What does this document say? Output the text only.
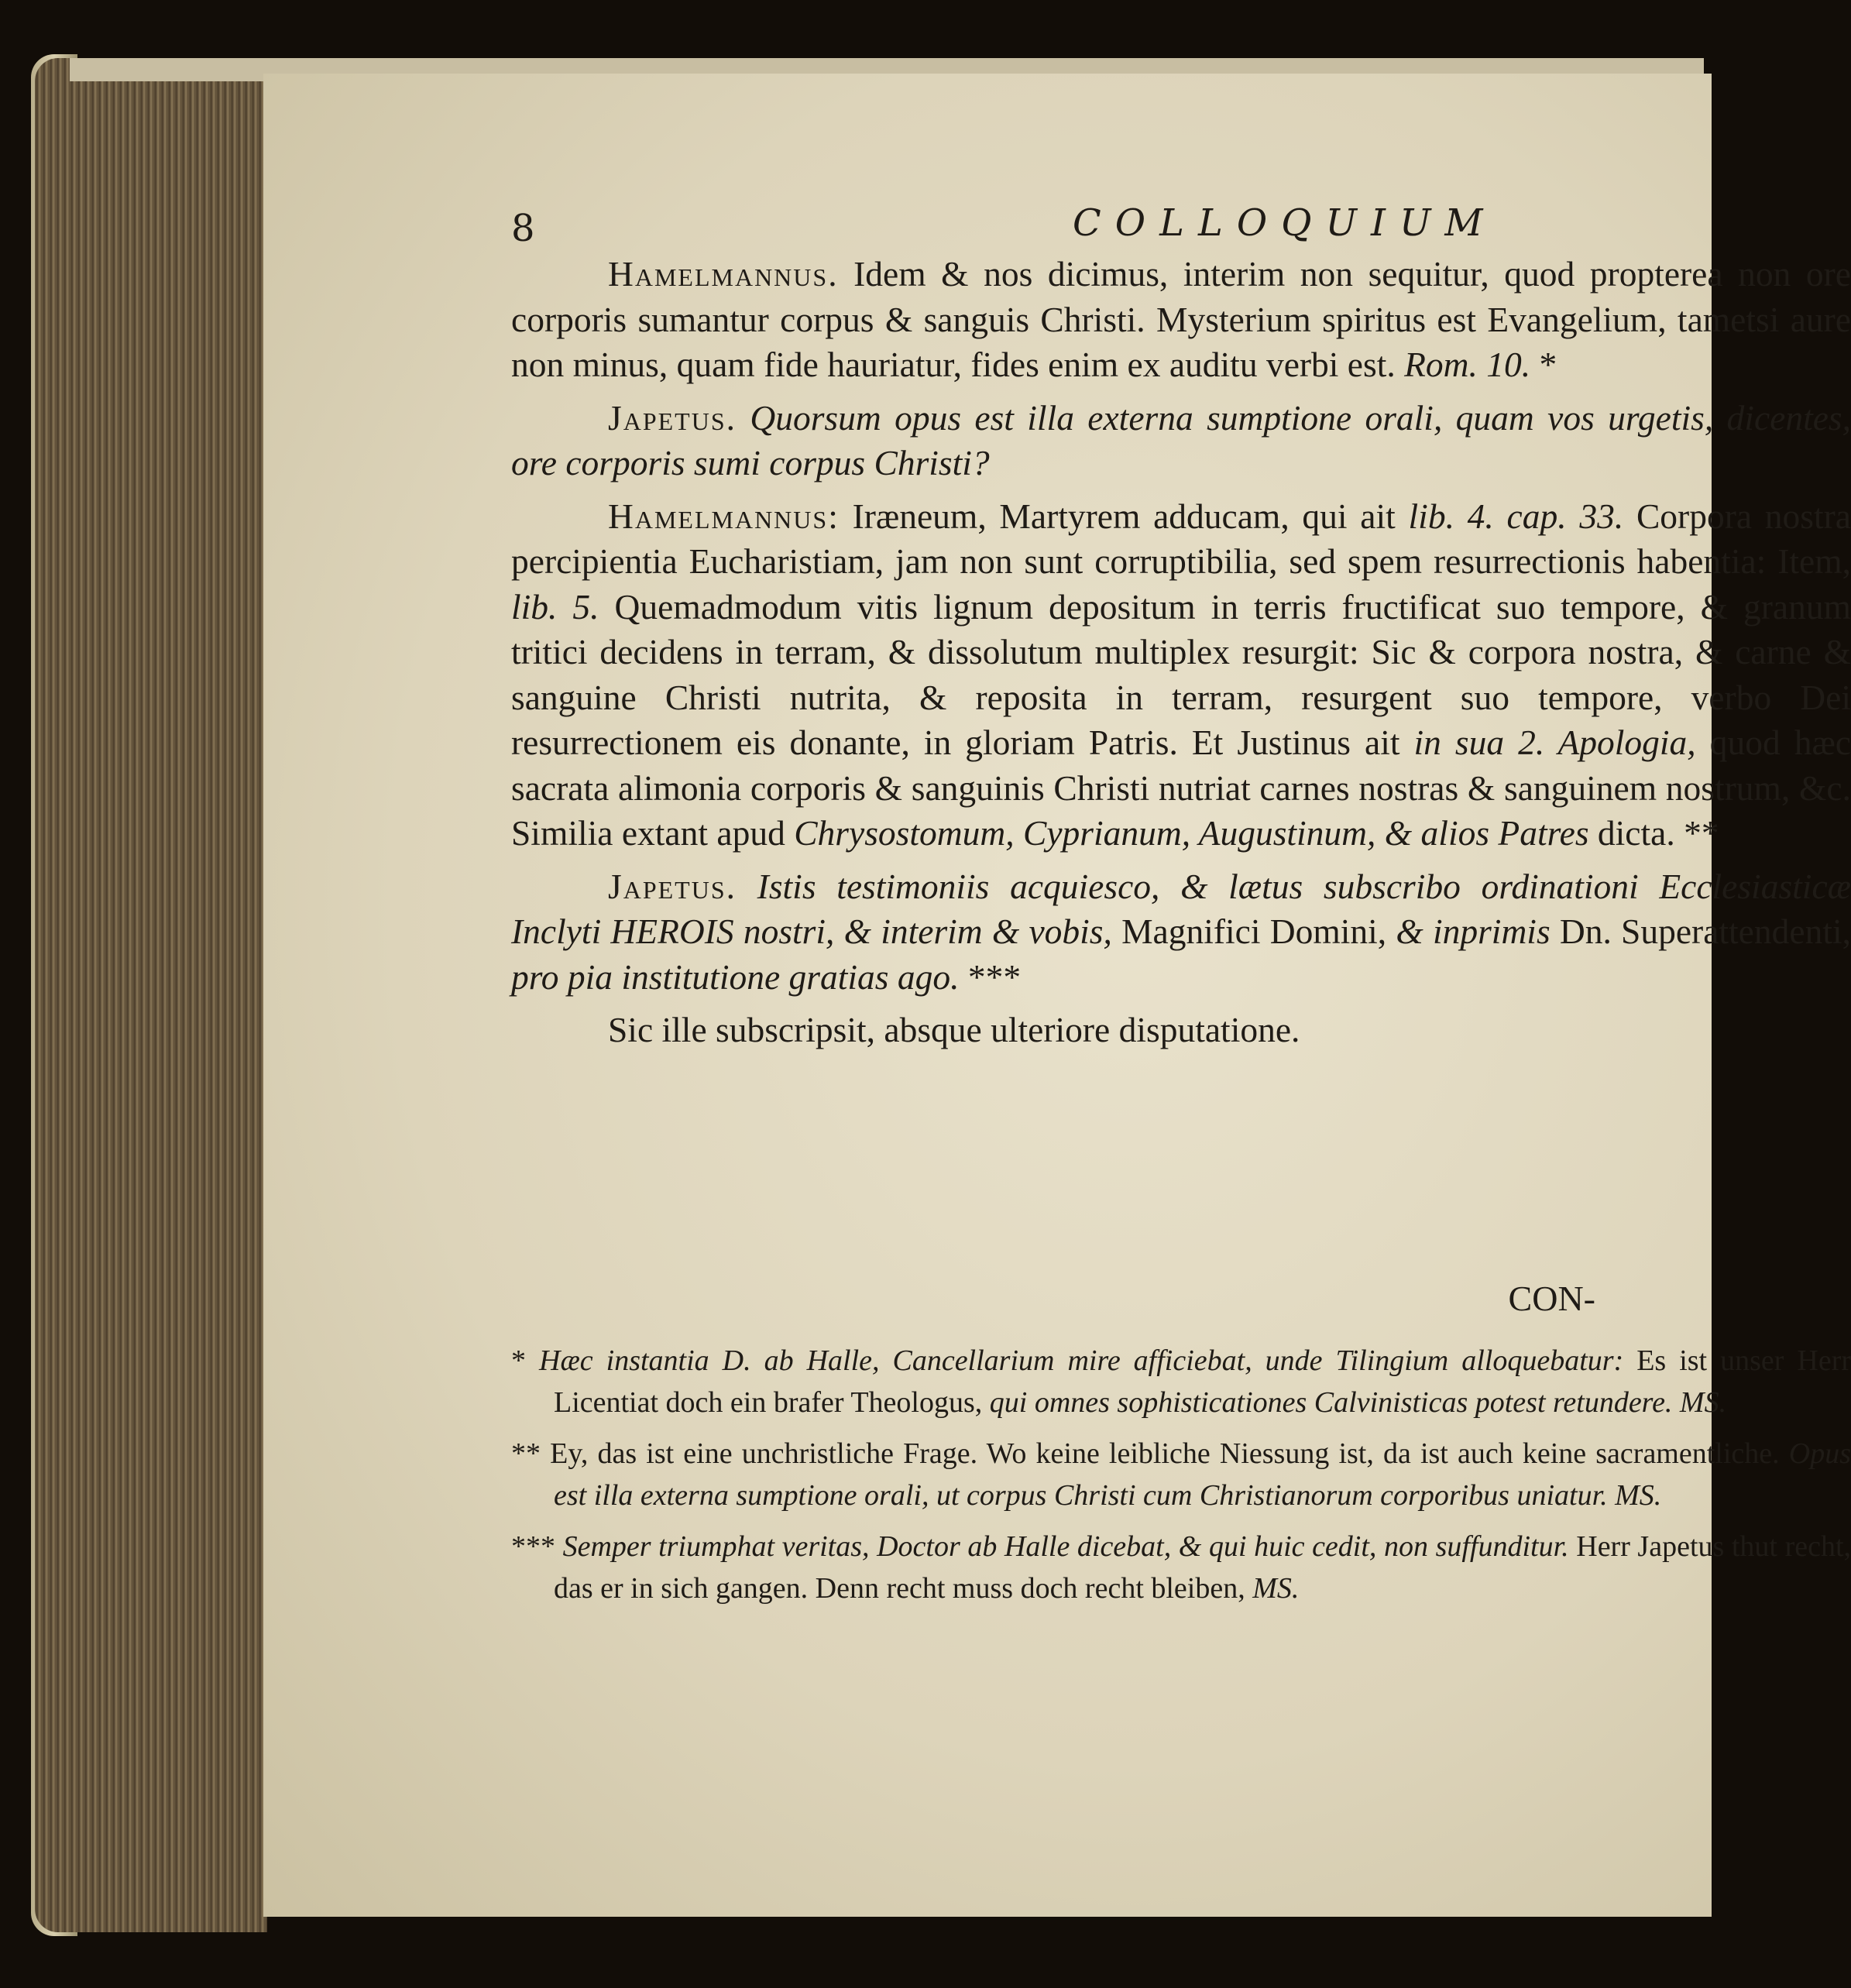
8	COLLOQUIUM

Hamelmannus. Idem & nos dicimus, interim non sequitur, quod propterea non ore corporis sumantur corpus & sanguis Christi. Mysterium spiritus est Evangelium, tametsi aure non minus, quam fide hauriatur, fides enim ex auditu verbi est. Rom. 10. *

Japetus. Quorsum opus est illa externa sumptione orali, quam vos urgetis, dicentes, ore corporis sumi corpus Christi?

Hamelmannus: Iræneum, Martyrem adducam, qui ait lib. 4. cap. 33. Corpora nostra percipientia Eucharistiam, jam non sunt corruptibilia, sed spem resurrectionis habentia: Item, lib. 5. Quemadmodum vitis lignum depositum in terris fructificat suo tempore, & granum tritici decidens in terram, & dissolutum multiplex resurgit: Sic & corpora nostra, & carne & sanguine Christi nutrita, & reposita in terram, resurgent suo tempore, verbo Dei resurrectionem eis donante, in gloriam Patris. Et Justinus ait in sua 2. Apologia, quod hæc sacrata alimonia corporis & sanguinis Christi nutriat carnes nostras & sanguinem nostrum, &c. Similia extant apud Chrysostomum, Cyprianum, Augustinum, & alios Patres dicta. **

Japetus. Istis testimoniis acquiesco, & lætus subscribo ordinationi Ecclesiasticæ Inclyti HEROIS nostri, & interim & vobis, Magnifici Domini, & inprimis Dn. Superattendenti, pro pia institutione gratias ago. ***

Sic ille subscripsit, absque ulteriore disputatione.

CON-

* Hæc instantia D. ab Halle, Cancellarium mire afficiebat, unde Tilingium alloquebatur: Es ist unser Herr Licentiat doch ein brafer Theologus, qui omnes sophisticationes Calvinisticas potest retundere. MS.

** Ey, das ist eine unchristliche Frage. Wo keine leibliche Niessung ist, da ist auch keine sacramentliche. Opus est illa externa sumptione orali, ut corpus Christi cum Christianorum corporibus uniatur. MS.

*** Semper triumphat veritas, Doctor ab Halle dicebat, & qui huic cedit, non suffunditur. Herr Japetus thut recht, das er in sich gangen. Denn recht muss doch recht bleiben, MS.
